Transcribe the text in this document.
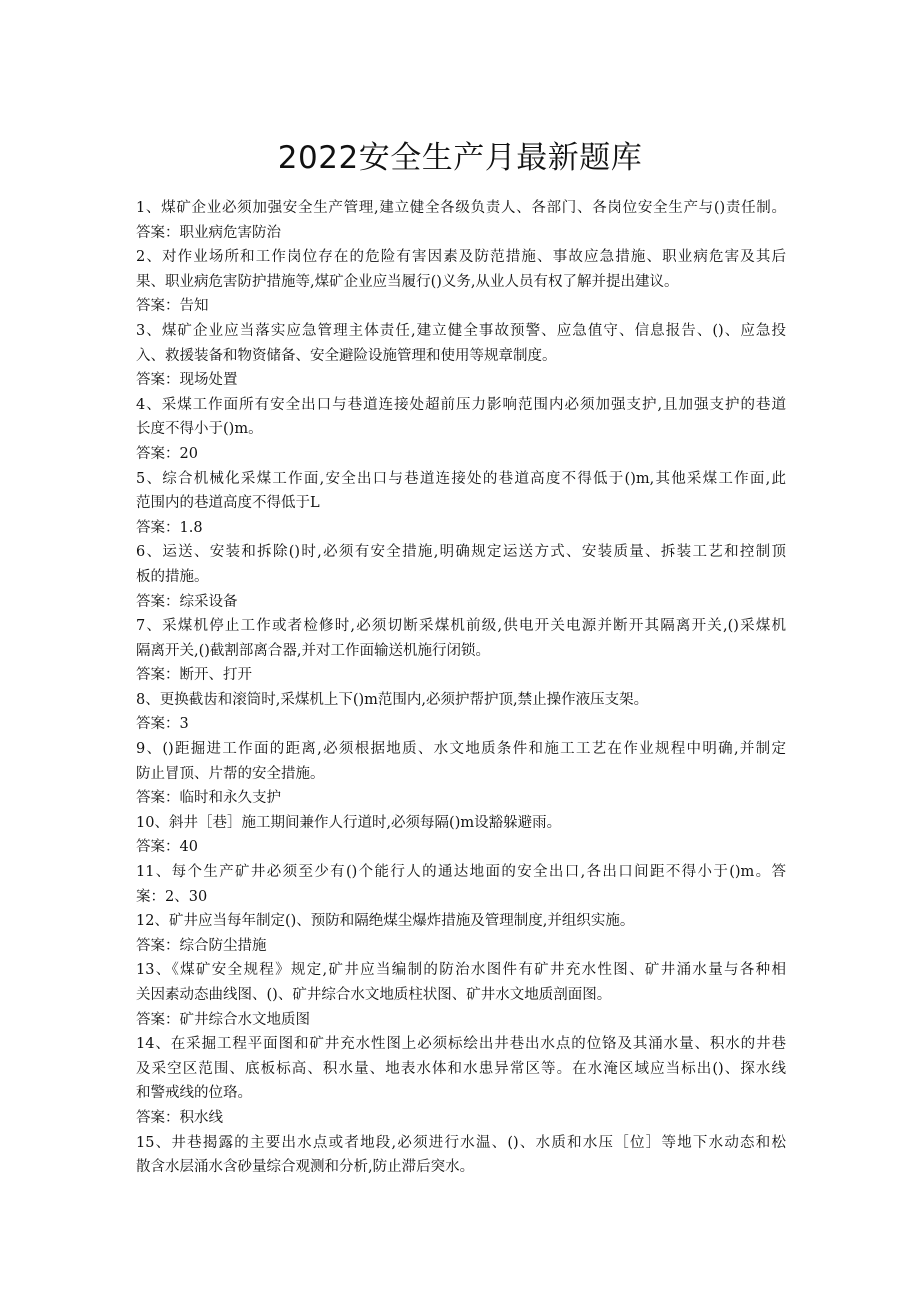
2022安全生产月最新题库
1、煤矿企业必须加强安全生产管理,建立健全各级负责人、各部门、各岗位安全生产与()责任制。
答案：职业病危害防治
2、对作业场所和工作岗位存在的危险有害因素及防范措施、事故应急措施、职业病危害及其后
果、职业病危害防护措施等,煤矿企业应当履行()义务,从业人员有权了解并提出建议。
答案：告知
3、煤矿企业应当落实应急管理主体责任,建立健全事故预警、应急值守、信息报告、()、应急投
入、救援装备和物资储备、安全避险设施管理和使用等规章制度。
答案：现场处置
4、采煤工作面所有安全出口与巷道连接处超前压力影响范围内必须加强支护,且加强支护的巷道
长度不得小于()m。
答案：20
5、综合机械化采煤工作面,安全出口与巷道连接处的巷道高度不得低于()m,其他采煤工作面,此
范围内的巷道高度不得低于L
答案：1.8
6、运送、安装和拆除()时,必须有安全措施,明确规定运送方式、安装质量、拆装工艺和控制顶
板的措施。
答案：综采设备
7、采煤机停止工作或者检修时,必须切断采煤机前级,供电开关电源并断开其隔离开关,()采煤机
隔离开关,()截割部离合器,并对工作面输送机施行闭锁。
答案：断开、打开
8、更换截齿和滚筒时,采煤机上下()m范围内,必须护帮护顶,禁止操作液压支架。
答案：3
9、()距掘进工作面的距离,必须根据地质、水文地质条件和施工工艺在作业规程中明确,并制定
防止冒顶、片帮的安全措施。
答案：临时和永久支护
10、斜井［巷］施工期间兼作人行道时,必须每隔()m设豁躲避雨。
答案：40
11、每个生产矿井必须至少有()个能行人的通达地面的安全出口,各出口间距不得小于()m。答
案：2、30
12、矿井应当每年制定()、预防和隔绝煤尘爆炸措施及管理制度,并组织实施。
答案：综合防尘措施
13、《煤矿安全规程》规定,矿井应当编制的防治水图件有矿井充水性图、矿井涌水量与各种相
关因素动态曲线图、()、矿井综合水文地质柱状图、矿井水文地质剖面图。
答案：矿井综合水文地质图
14、在采掘工程平面图和矿井充水性图上必须标绘出井巷出水点的位铬及其涌水量、积水的井巷
及采空区范围、底板标高、积水量、地表水体和水患异常区等。在水淹区域应当标出()、探水线
和警戒线的位珞。
答案：积水线
15、井巷揭露的主要出水点或者地段,必须进行水温、()、水质和水压［位］等地下水动态和松
散含水层涌水含砂量综合观测和分析,防止滞后突水。
